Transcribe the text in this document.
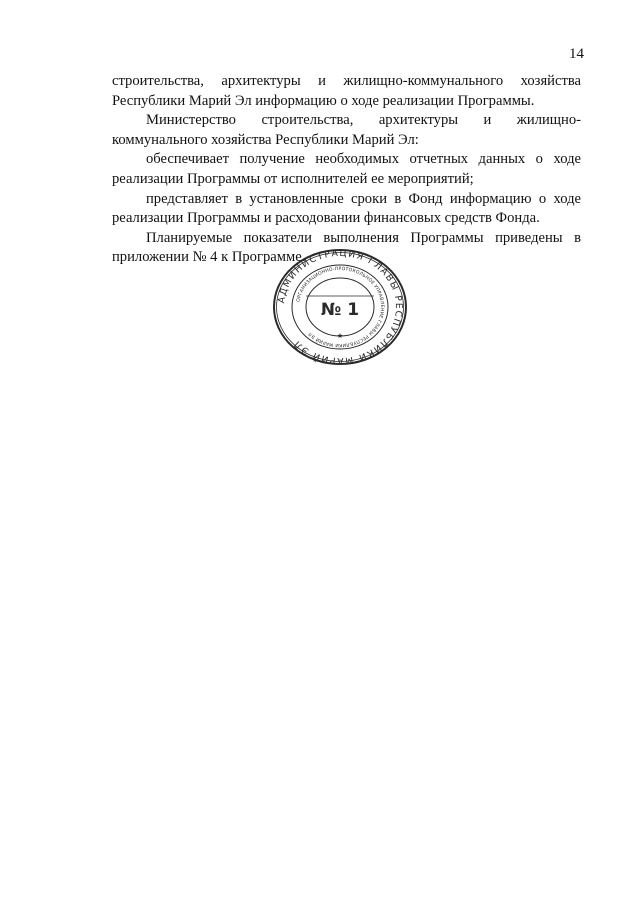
14

строительства, архитектуры и жилищно-коммунального хозяйства Республики Марий Эл информацию о ходе реализации Программы.

Министерство строительства, архитектуры и жилищно-коммунального хозяйства Республики Марий Эл:

обеспечивает получение необходимых отчетных данных о ходе реализации Программы от исполнителей ее мероприятий;

представляет в установленные сроки в Фонд информацию о ходе реализации Программы и расходовании финансовых средств Фонда.

Планируемые показатели выполнения Программы приведены в приложении № 4 к Программе.

АДМИНИСТРАЦИЯ ГЛАВЫ РЕСПУБЛИКИ МАРИЙ ЭЛ
ОРГАНИЗАЦИОННО-ПРОТОКОЛЬНОЕ УПРАВЛЕНИЕ ГЛАВЫ РЕСПУБЛИКИ МАРИЙ ЭЛ
№ 1
★
